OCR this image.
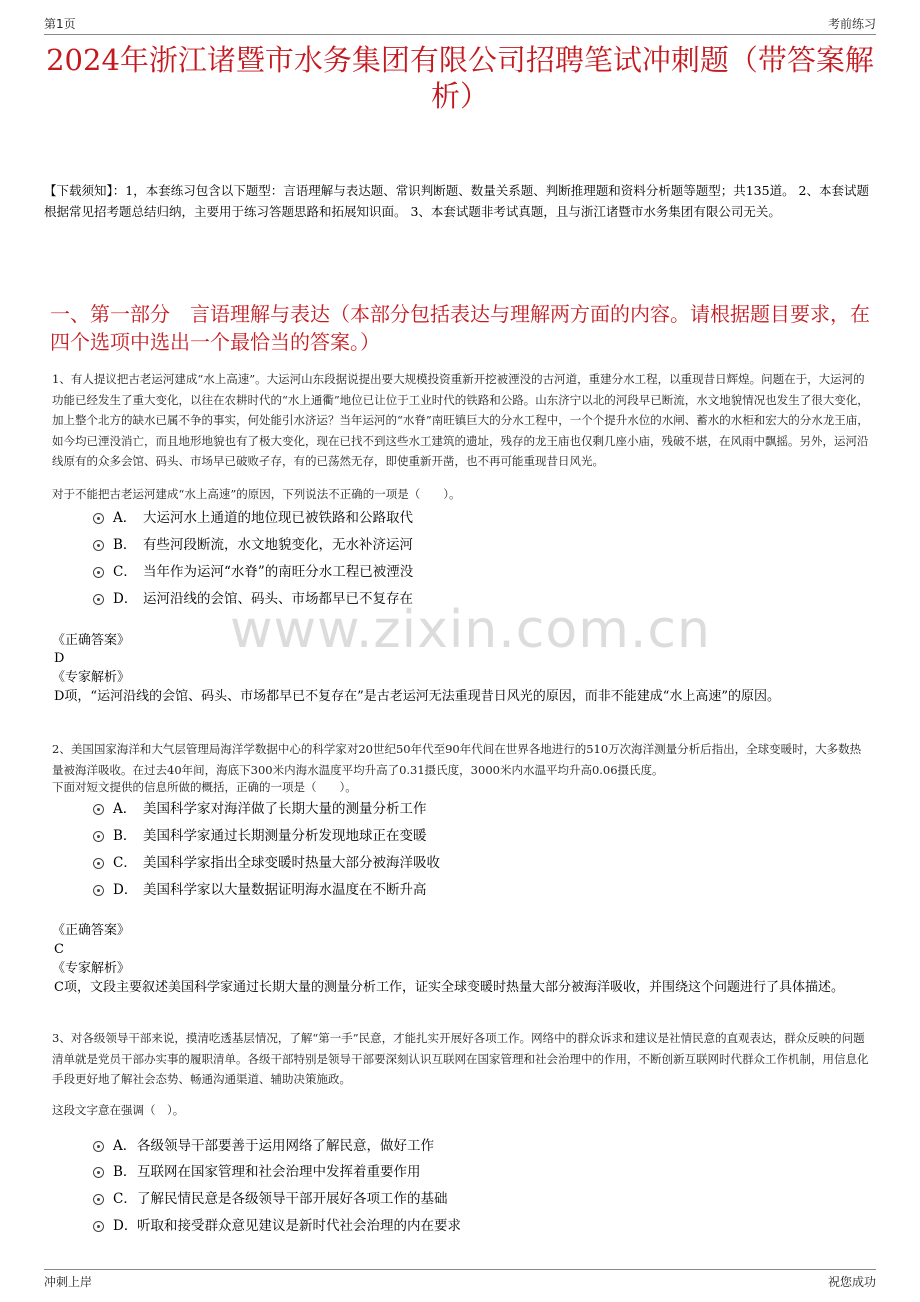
第1页	考前练习
2024年浙江诸暨市水务集团有限公司招聘笔试冲刺题（带答案解析）
【下载须知】：1，本套练习包含以下题型：言语理解与表达题、常识判断题、数量关系题、判断推理题和资料分析题等题型；共135道。 2、本套试题根据常见招考题总结归纳，主要用于练习答题思路和拓展知识面。 3、本套试题非考试真题，且与浙江诸暨市水务集团有限公司无关。
一、第一部分　言语理解与表达（本部分包括表达与理解两方面的内容。请根据题目要求，在四个选项中选出一个最恰当的答案。）
www.zixin.com.cn
1、有人提议把古老运河建成“水上高速”。大运河山东段据说提出要大规模投资重新开挖被湮没的古河道，重建分水工程，以重现昔日辉煌。问题在于，大运河的功能已经发生了重大变化，以往在农耕时代的“水上通衢”地位已让位于工业时代的铁路和公路。山东济宁以北的河段早已断流，水文地貌情况也发生了很大变化，加上整个北方的缺水已属不争的事实，何处能引水济运？当年运河的“水脊”南旺镇巨大的分水工程中，一个个提升水位的水闸、蓄水的水柜和宏大的分水龙王庙，如今均已湮没消亡，而且地形地貌也有了极大变化，现在已找不到这些水工建筑的遗址，残存的龙王庙也仅剩几座小庙，残破不堪，在风雨中飘摇。另外，运河沿线原有的众多会馆、码头、市场早已破败孑存，有的已荡然无存，即使重新开凿，也不再可能重现昔日风光。
对于不能把古老运河建成“水上高速”的原因，下列说法不正确的一项是（　　）。
A． 大运河水上通道的地位现已被铁路和公路取代
B． 有些河段断流，水文地貌变化，无水补济运河
C． 当年作为运河“水脊”的南旺分水工程已被湮没
D． 运河沿线的会馆、码头、市场都早已不复存在
《正确答案》
D
《专家解析》
D项，“运河沿线的会馆、码头、市场都早已不复存在”是古老运河无法重现昔日风光的原因，而非不能建成“水上高速”的原因。
2、美国国家海洋和大气层管理局海洋学数据中心的科学家对20世纪50年代至90年代间在世界各地进行的510万次海洋测量分析后指出，全球变暖时，大多数热量被海洋吸收。在过去40年间，海底下300米内海水温度平均升高了0.31摄氏度，3000米内水温平均升高0.06摄氏度。
下面对短文提供的信息所做的概括，正确的一项是（　　）。
A． 美国科学家对海洋做了长期大量的测量分析工作
B． 美国科学家通过长期测量分析发现地球正在变暖
C． 美国科学家指出全球变暖时热量大部分被海洋吸收
D． 美国科学家以大量数据证明海水温度在不断升高
《正确答案》
C
《专家解析》
C项，文段主要叙述美国科学家通过长期大量的测量分析工作，证实全球变暖时热量大部分被海洋吸收，并围绕这个问题进行了具体描述。
3、对各级领导干部来说，摸清吃透基层情况，了解“第一手”民意，才能扎实开展好各项工作。网络中的群众诉求和建议是社情民意的直观表达，群众反映的问题清单就是党员干部办实事的履职清单。各级干部特别是领导干部要深刻认识互联网在国家管理和社会治理中的作用，不断创新互联网时代群众工作机制，用信息化手段更好地了解社会态势、畅通沟通渠道、辅助决策施政。
这段文字意在强调（　）。
A． 各级领导干部要善于运用网络了解民意，做好工作
B． 互联网在国家管理和社会治理中发挥着重要作用
C． 了解民情民意是各级领导干部开展好各项工作的基础
D． 听取和接受群众意见建议是新时代社会治理的内在要求
冲刺上岸	祝您成功
